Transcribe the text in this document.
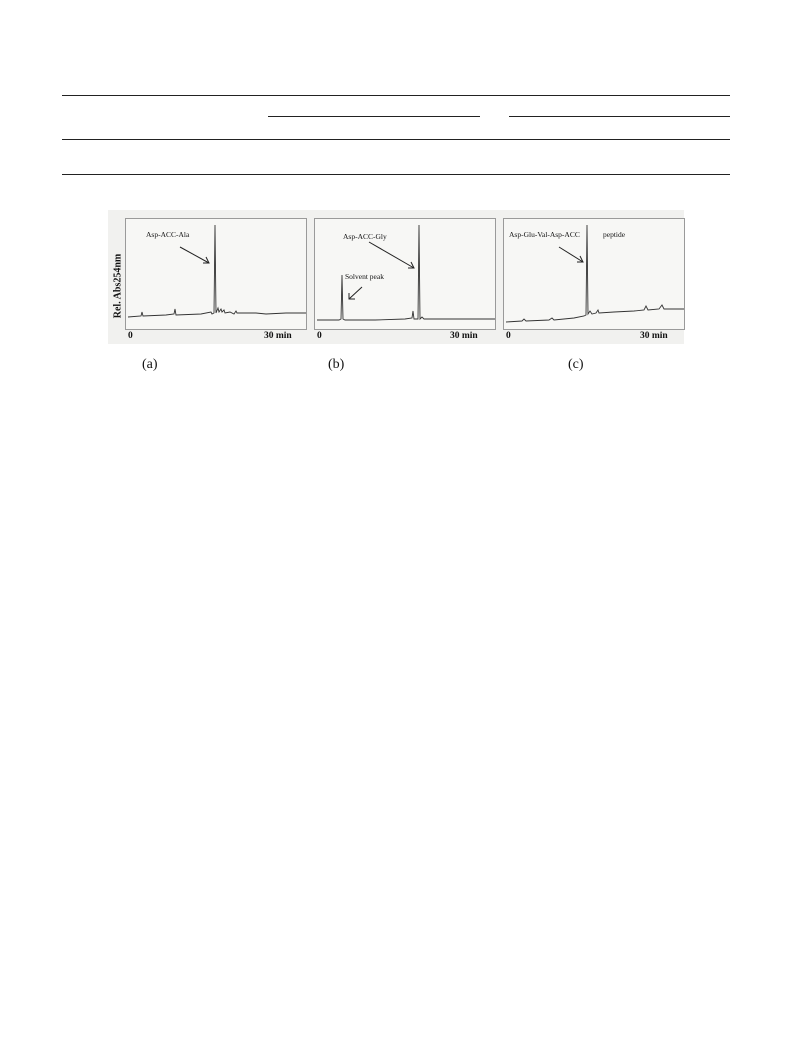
Rel. Abs254nm
Asp-ACC-Ala
0	30 min
Asp-ACC-Gly
Solvent peak
0	30 min
Asp-Glu-Val-Asp-ACC	peptide
0	30 min
(a)	(b)	(c)
